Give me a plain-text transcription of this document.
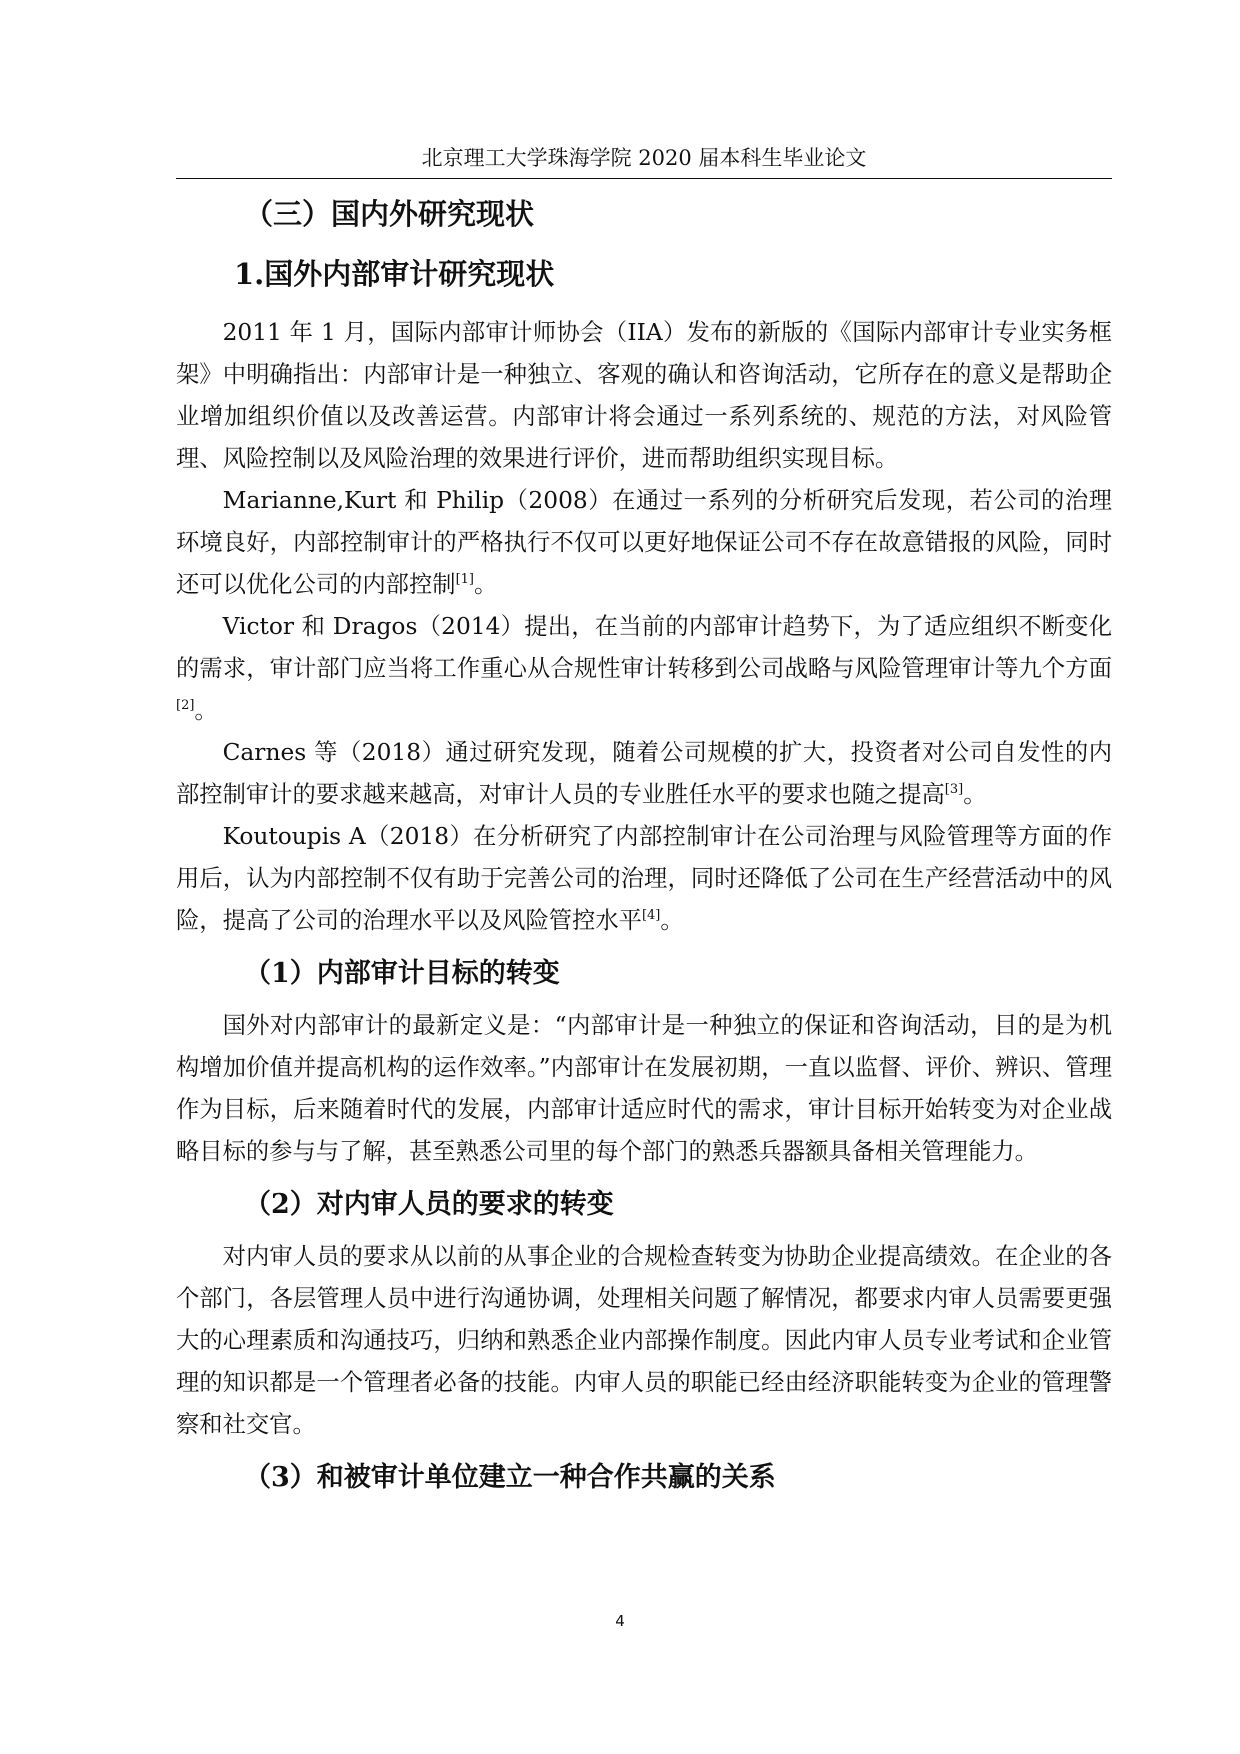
北京理工大学珠海学院 2020 届本科生毕业论文
（三）国内外研究现状
1.国外内部审计研究现状

2011 年 1 月，国际内部审计师协会（IIA）发布的新版的《国际内部审计专业实务框架》中明确指出：内部审计是一种独立、客观的确认和咨询活动，它所存在的意义是帮助企业增加组织价值以及改善运营。内部审计将会通过一系列系统的、规范的方法，对风险管理、风险控制以及风险治理的效果进行评价，进而帮助组织实现目标。

Marianne,Kurt 和 Philip（2008）在通过一系列的分析研究后发现，若公司的治理环境良好，内部控制审计的严格执行不仅可以更好地保证公司不存在故意错报的风险，同时还可以优化公司的内部控制[1]。

Victor 和 Dragos（2014）提出，在当前的内部审计趋势下，为了适应组织不断变化的需求，审计部门应当将工作重心从合规性审计转移到公司战略与风险管理审计等九个方面[2]。

Carnes 等（2018）通过研究发现，随着公司规模的扩大，投资者对公司自发性的内部控制审计的要求越来越高，对审计人员的专业胜任水平的要求也随之提高[3]。

Koutoupis A（2018）在分析研究了内部控制审计在公司治理与风险管理等方面的作用后，认为内部控制不仅有助于完善公司的治理，同时还降低了公司在生产经营活动中的风险，提高了公司的治理水平以及风险管控水平[4]。

（1）内部审计目标的转变

国外对内部审计的最新定义是：“内部审计是一种独立的保证和咨询活动，目的是为机构增加价值并提高机构的运作效率。”内部审计在发展初期，一直以监督、评价、辨识、管理作为目标，后来随着时代的发展，内部审计适应时代的需求，审计目标开始转变为对企业战略目标的参与与了解，甚至熟悉公司里的每个部门的熟悉兵器额具备相关管理能力。

（2）对内审人员的要求的转变

对内审人员的要求从以前的从事企业的合规检查转变为协助企业提高绩效。在企业的各个部门，各层管理人员中进行沟通协调，处理相关问题了解情况，都要求内审人员需要更强大的心理素质和沟通技巧，归纳和熟悉企业内部操作制度。因此内审人员专业考试和企业管理的知识都是一个管理者必备的技能。内审人员的职能已经由经济职能转变为企业的管理警察和社交官。

（3）和被审计单位建立一种合作共赢的关系
4
